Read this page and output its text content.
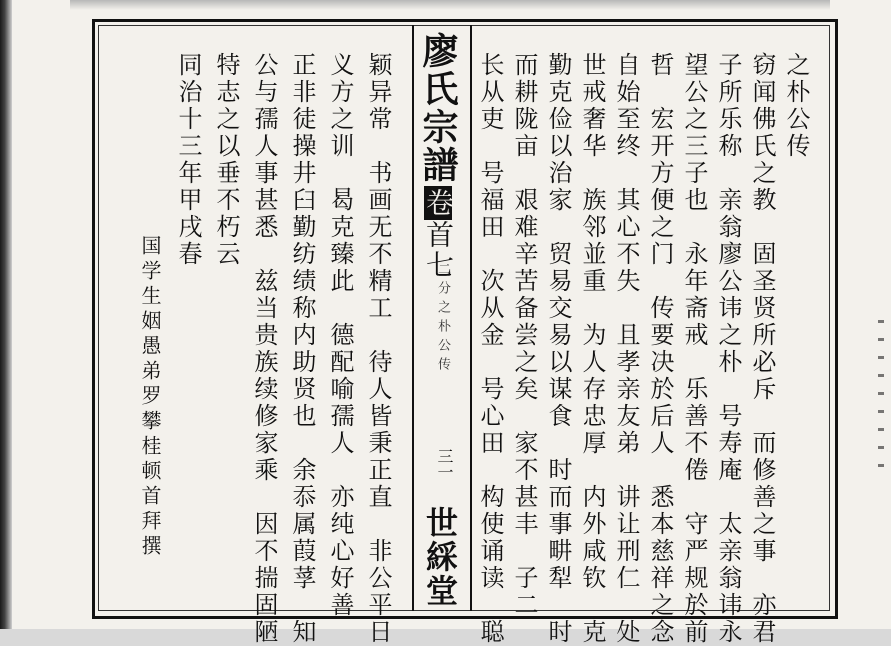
之朴公传
窃闻佛氏之教　固圣贤所必斥　而修善之事　亦君
子所乐称　亲翁廖公讳之朴　号寿庵　太亲翁讳永
望公之三子也　永年斋戒　乐善不倦　守严规於前
哲　宏开方便之门　传要决於后人　悉本慈祥之念
自始至终　其心不失　且孝亲友弟　讲让刑仁　处
世戒奢华　族邻並重　为人存忠厚　内外咸钦　克
勤克俭以治家　贸易交易以谋食　时而事畊犁　时
而耕陇亩　艰难辛苦备尝之矣　家不甚丰　子二
长从吏　号福田　次从金　号心田　构使诵读　聪
廖氏宗譜
卷首七
二分之朴公传
三一
世綵堂
颖异常　书画无不精工　待人皆秉正直　非公平日
义方之训　曷克臻此　德配喻孺人　亦纯心好善
正非徒操井臼勤纺绩称内助贤也　余忝属葭莩　知
公与孺人事甚悉　兹当贵族续修家乘　因不揣固陋
特志之以垂不朽云
同治十三年甲戌春
国学生姻愚弟罗攀桂顿首拜撰
